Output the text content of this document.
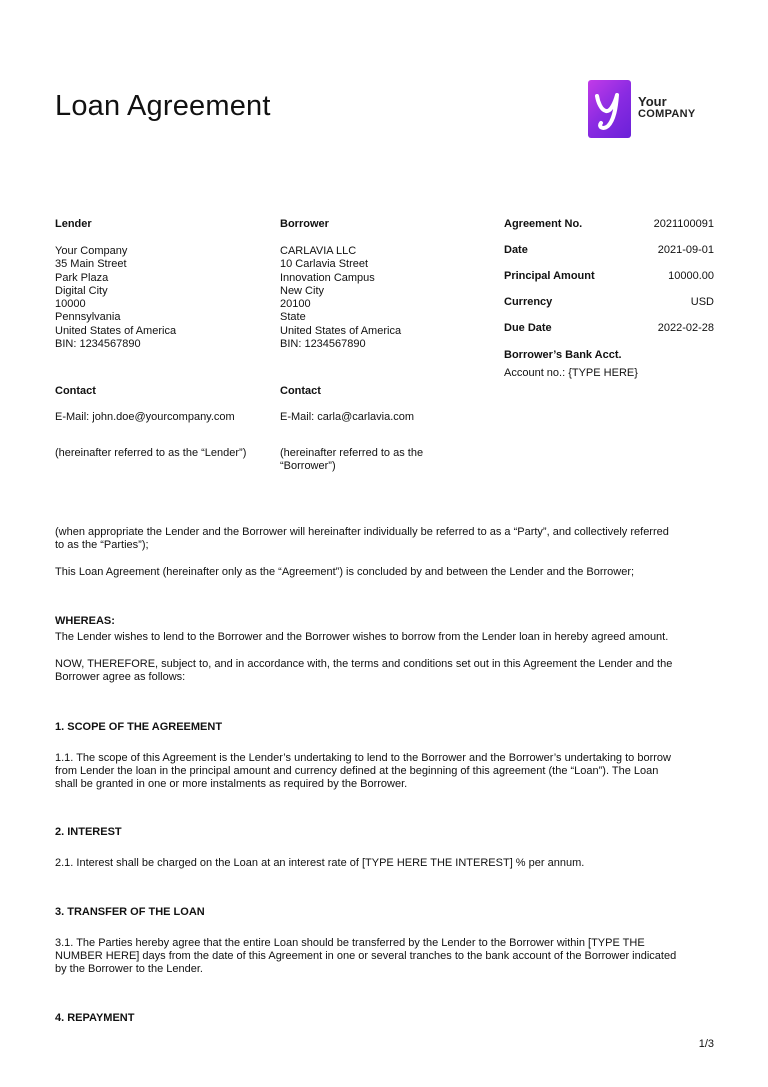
Loan Agreement	Your
COMPANY
Lender
Your Company
35 Main Street
Park Plaza
Digital City
10000
Pennsylvania
United States of America
BIN: 1234567890
Contact
E-Mail: john.doe@yourcompany.com
(hereinafter referred to as the “Lender”)
Borrower
CARLAVIA LLC
10 Carlavia Street
Innovation Campus
New City
20100
State
United States of America
BIN: 1234567890
Contact
E-Mail: carla@carlavia.com
(hereinafter referred to as the
“Borrower”)
Agreement No.	2021100091
Date	2021-09-01
Principal Amount	10000.00
Currency	USD
Due Date	2022-02-28
Borrower’s Bank Acct.
Account no.: {TYPE HERE}
(when appropriate the Lender and the Borrower will hereinafter individually be referred to as a “Party”, and collectively referred
to as the “Parties”);
This Loan Agreement (hereinafter only as the “Agreement”) is concluded by and between the Lender and the Borrower;
WHEREAS:
The Lender wishes to lend to the Borrower and the Borrower wishes to borrow from the Lender loan in hereby agreed amount.
NOW, THEREFORE, subject to, and in accordance with, the terms and conditions set out in this Agreement the Lender and the
Borrower agree as follows:
1. SCOPE OF THE AGREEMENT
1.1. The scope of this Agreement is the Lender’s undertaking to lend to the Borrower and the Borrower’s undertaking to borrow
from Lender the loan in the principal amount and currency defined at the beginning of this agreement (the “Loan”). The Loan
shall be granted in one or more instalments as required by the Borrower.
2. INTEREST
2.1. Interest shall be charged on the Loan at an interest rate of [TYPE HERE THE INTEREST] % per annum.
3. TRANSFER OF THE LOAN
3.1. The Parties hereby agree that the entire Loan should be transferred by the Lender to the Borrower within [TYPE THE
NUMBER HERE] days from the date of this Agreement in one or several tranches to the bank account of the Borrower indicated
by the Borrower to the Lender.
4. REPAYMENT
1/3
